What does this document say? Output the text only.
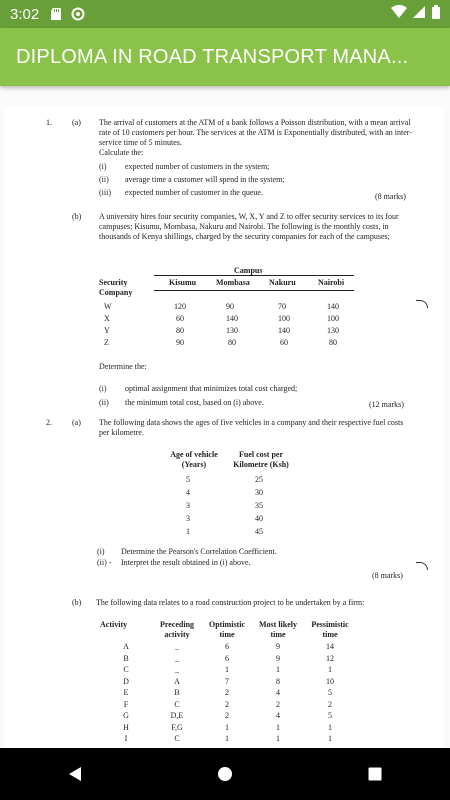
3:02
DIPLOMA IN ROAD TRANSPORT MANA...
1.	(a) The arrival of customers at the ATM of a bank follows a Poisson distribution, with a mean arrival rate of 10 customers per hour. The services at the ATM is Exponentially distributed, with an inter-service time of 5 minutes.
Calculate the:
(i) expected number of customers in the system;
(ii) average time a customer will spend in the system;
(iii) expected number of customer in the queue.	(8 marks)
(b) A university hires four security companies, W, X, Y and Z to offer security services to its four campuses; Kisumu, Mombasa, Nakuru and Nairobi. The following is the monthly costs, in thousands of Kenya shillings, charged by the security companies for each of the campuses;
Campus
Security Company
Kisumu Mombasa Nakuru	Nairobi
W	120	90	70	140
X	60	140	100	100
Y	80	130	140	130
Z	90	80	60	80
Determine the:
(i) optimal assignment that minimizes total cost charged;
(ii) the minimum total cost, based on (i) above.	(12 marks)
2.	(a) The following data shows the ages of five vehicles in a company and their respective fuel costs per kilometre.
Age of vehicle (Years)
Fuel cost per Kilometre (Ksh)
5	25
4	30
3	35
3	40
1	45
(i) Determine the Pearson's Correlation Coefficient.
(ii) - Interpret the result obtained in (i) above.
(8 marks)
(b) The following data relates to a road construction project to be undertaken by a firm:
Activity	Preceding activity
Optimistic time
Most likely time
Pessimistic time
A	_	6	9	14
B	_	6	9	12
C	_	1	1	1
D	A	7	8	10
E	B	2	4	5
F	C	2	2	2
G	D,E	2	4	5
H	F,G	1	1	1
I	C	1	1	1
